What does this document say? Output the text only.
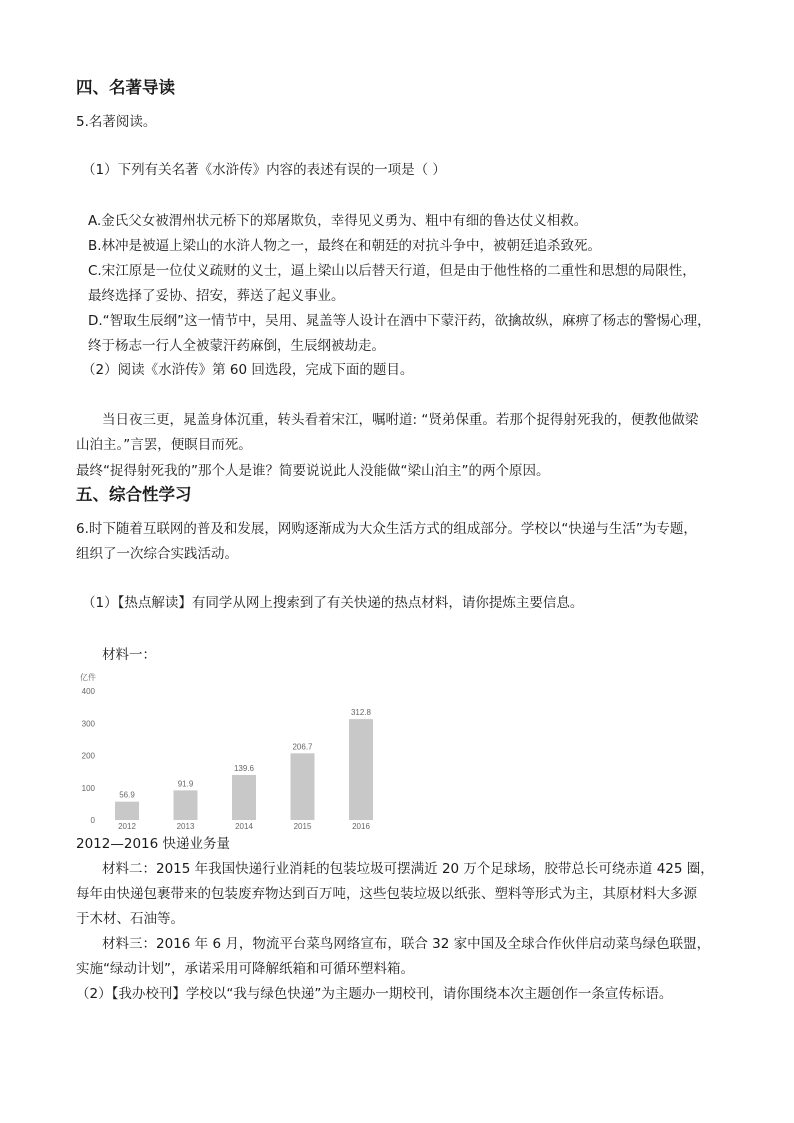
四、名著导读
5.名著阅读。
（1）下列有关名著《水浒传》内容的表述有误的一项是（ ）
A.金氏父女被渭州状元桥下的郑屠欺负，幸得见义勇为、粗中有细的鲁达仗义相救。
B.林冲是被逼上梁山的水浒人物之一，最终在和朝廷的对抗斗争中，被朝廷追杀致死。
C.宋江原是一位仗义疏财的义士，逼上梁山以后替天行道，但是由于他性格的二重性和思想的局限性，
最终选择了妥协、招安，葬送了起义事业。
D.“智取生辰纲”这一情节中，吴用、晁盖等人设计在酒中下蒙汗药，欲擒故纵，麻痹了杨志的警惕心理，
终于杨志一行人全被蒙汗药麻倒，生辰纲被劫走。
（2）阅读《水浒传》第 60 回选段，完成下面的题目。
当日夜三更，晁盖身体沉重，转头看着宋江，嘱咐道: “贤弟保重。若那个捉得射死我的，便教他做梁
山泊主。”言罢，便瞑目而死。
最终“捉得射死我的”那个人是谁？简要说说此人没能做“梁山泊主”的两个原因。
五、综合性学习
6.时下随着互联网的普及和发展，网购逐渐成为大众生活方式的组成部分。学校以“快递与生活”为专题，
组织了一次综合实践活动。
（1）【热点解读】有同学从网上搜索到了有关快递的热点材料，请你提炼主要信息。
材料一：
亿件
0
100
200
300
400
56.9
91.9
139.6
206.7
312.8
2012	2013	2014	2015	2016
2012—2016 快递业务量
材料二：2015 年我国快递行业消耗的包装垃圾可摆满近 20 万个足球场，胶带总长可绕赤道 425 圈，
每年由快递包裹带来的包装废弃物达到百万吨，这些包装垃圾以纸张、塑料等形式为主，其原材料大多源
于木材、石油等。
材料三：2016 年 6 月，物流平台菜鸟网络宣布，联合 32 家中国及全球合作伙伴启动菜鸟绿色联盟，
实施“绿动计划”，承诺采用可降解纸箱和可循环塑料箱。
（2）【我办校刊】学校以“我与绿色快递”为主题办一期校刊，请你围绕本次主题创作一条宣传标语。
